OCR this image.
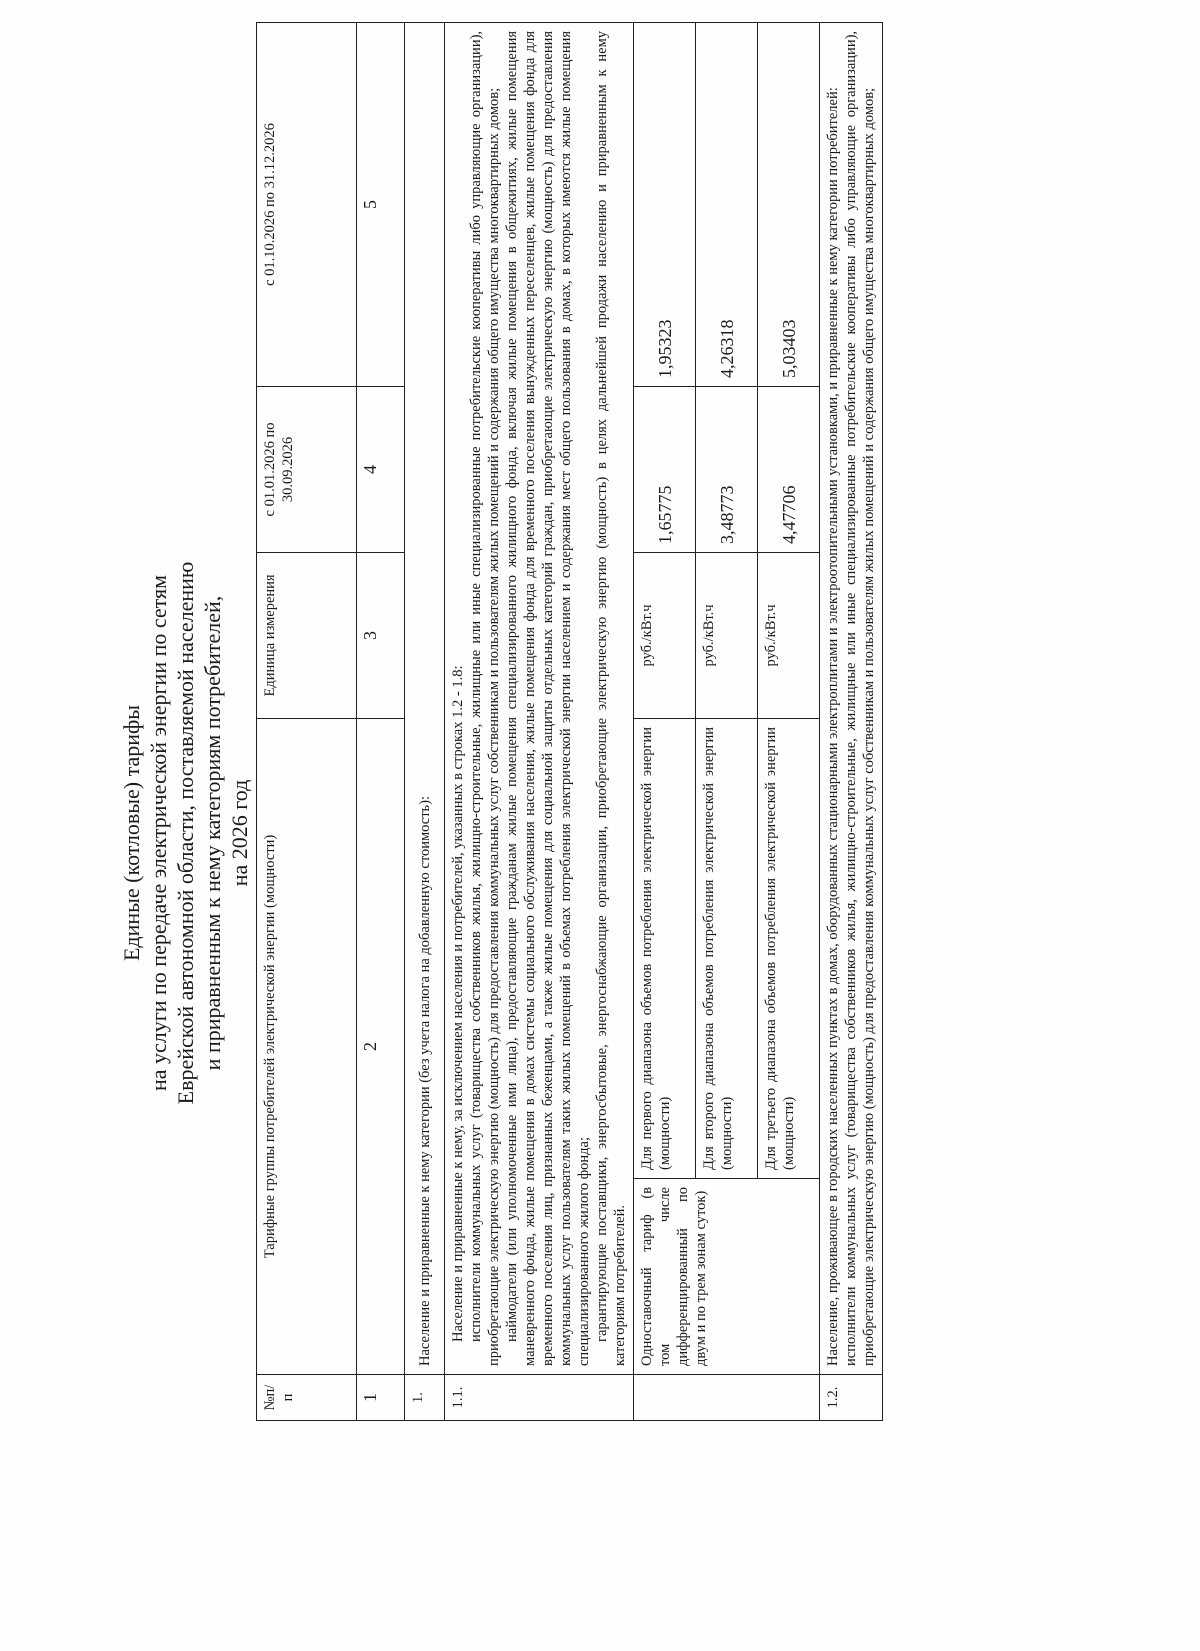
Единые (котловые) тарифы на услуги по передаче электрической энергии по сетям Еврейской автономной области, поставляемой населению и приравненным к нему категориям потребителей, на 2026 год
№п/п	Тарифные группы потребителей электрической энергии (мощности)		Единица измерения	с 01.01.2026 по 30.09.2026	с 01.10.2026 по 31.12.2026
1	2		3	4	5
1.	Население и приравненные к нему категории (без учета налога на добавленную стоимость):				
1.1.	Население и приравненные к нему, за исключением населения и потребителей, указанных в строках 1.2 - 1.8: исполнители коммунальных услуг (товарищества собственников жилья, жилищно-строительные, жилищные или иные специализированные потребительские кооперативы либо управляющие организации), приобретающие электрическую энергию (мощность) для предоставления коммунальных услуг собственникам и пользователям жилых помещений и содержания общего имущества многоквартирных домов; наймодатели (или уполномоченные ими лица), предоставляющие гражданам жилые помещения специализированного жилищного фонда, включая жилые помещения в общежитиях, жилые помещения маневренного фонда, жилые помещения в домах системы социального обслуживания населения, жилые помещения фонда для временного поселения вынужденных переселенцев, жилые помещения фонда для временного поселения лиц, признанных беженцами, а также жилые помещения для социальной защиты отдельных категорий граждан, приобретающие электрическую энергию (мощность) для предоставления коммунальных услуг пользователям таких жилых помещений в объемах потребления электрической энергии населением и содержания мест общего пользования в домах, в которых имеются жилые помещения специализированного жилого фонда; гарантирующие поставщики, энергосбытовые, энергоснабжающие организации, приобретающие электрическую энергию (мощность) в целях дальнейшей продажи населению и приравненным к нему категориям потребителей.				

	Одноставочный тариф (в том числе дифференцированный по двум и по трем зонам суток)	Для первого диапазона объемов потребления электрической энергии (мощности)	руб./кВт.ч	1,65775	1,95323
		Для второго диапазона объемов потребления электрической энергии (мощности)	руб./кВт.ч	3,48773	4,26318
		Для третьего диапазона объемов потребления электрической энергии (мощности)	руб./кВт.ч	4,47706	5,03403
1.2.	Население, проживающее в городских населенных пунктах в домах, оборудованных стационарными электроплитами и электроотопительными установками, и приравненные к нему категории потребителей: исполнители коммунальных услуг (товарищества собственников жилья, жилищно-строительные, жилищные или иные специализированные потребительские кооперативы либо управляющие организации), приобретающие электрическую энергию (мощность) для предоставления коммунальных услуг собственникам и пользователям жилых помещений и содержания общего имущества многоквартирных домов;				
